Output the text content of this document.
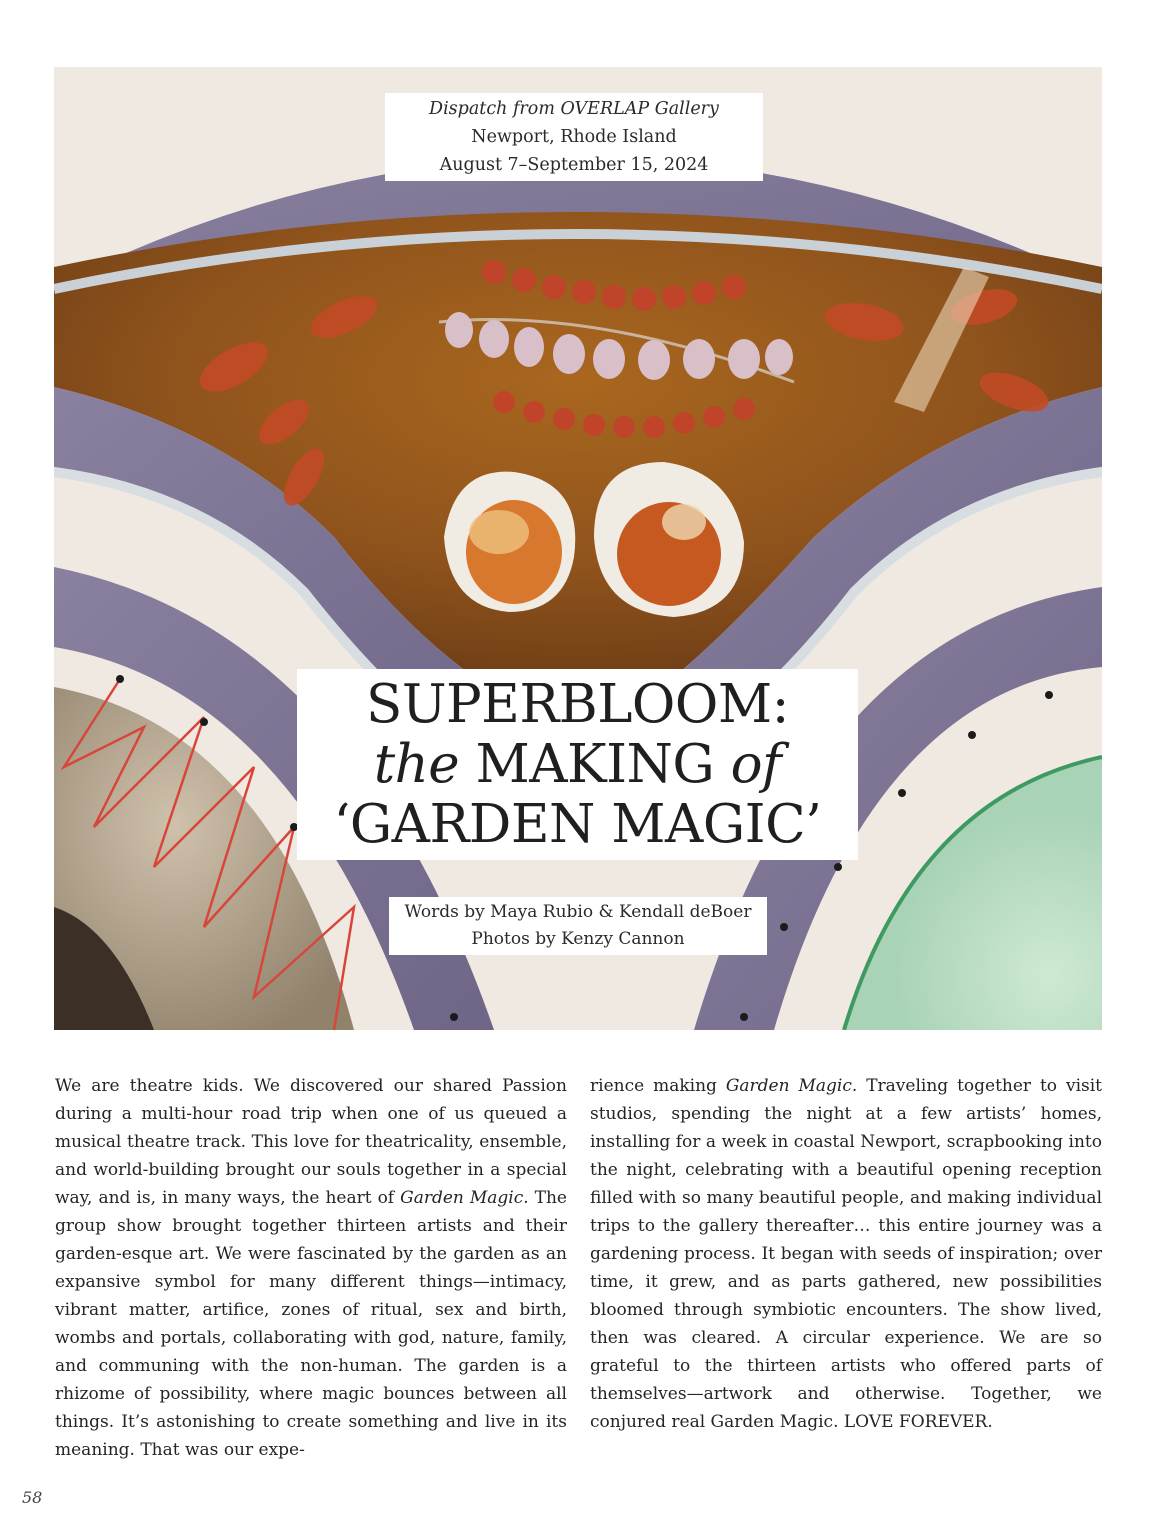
Dispatch from OVERLAP Gallery
Newport, Rhode Island
August 7–September 15, 2024
SUPERBLOOM:
the MAKING of
‘GARDEN MAGIC’
Words by Maya Rubio & Kendall deBoer
Photos by Kenzy Cannon
We are theatre kids. We discovered our shared Passion during a multi-hour road trip when one of us queued a musical theatre track. This love for theatricality, ensemble, and world-building brought our souls together in a special way, and is, in many ways, the heart of Garden Magic. The group show brought together thirteen artists and their garden-esque art. We were fascinated by the garden as an expansive symbol for many different things—intimacy, vibrant matter, artifice, zones of ritual, sex and birth, wombs and portals, collaborating with god, nature, family, and communing with the non-human. The garden is a rhizome of possibility, where magic bounces between all things. It’s astonishing to create something and live in its meaning. That was our expe-
rience making Garden Magic. Traveling together to visit studios, spending the night at a few artists’ homes, installing for a week in coastal Newport, scrapbooking into the night, celebrating with a beautiful opening reception filled with so many beautiful people, and making individual trips to the gallery thereafter… this entire journey was a gardening process. It began with seeds of inspiration; over time, it grew, and as parts gathered, new possibilities bloomed through symbiotic encounters. The show lived, then was cleared. A circular experience. We are so grateful to the thirteen artists who offered parts of themselves—artwork and otherwise. Together, we conjured real Garden Magic. LOVE FOREVER.
58
